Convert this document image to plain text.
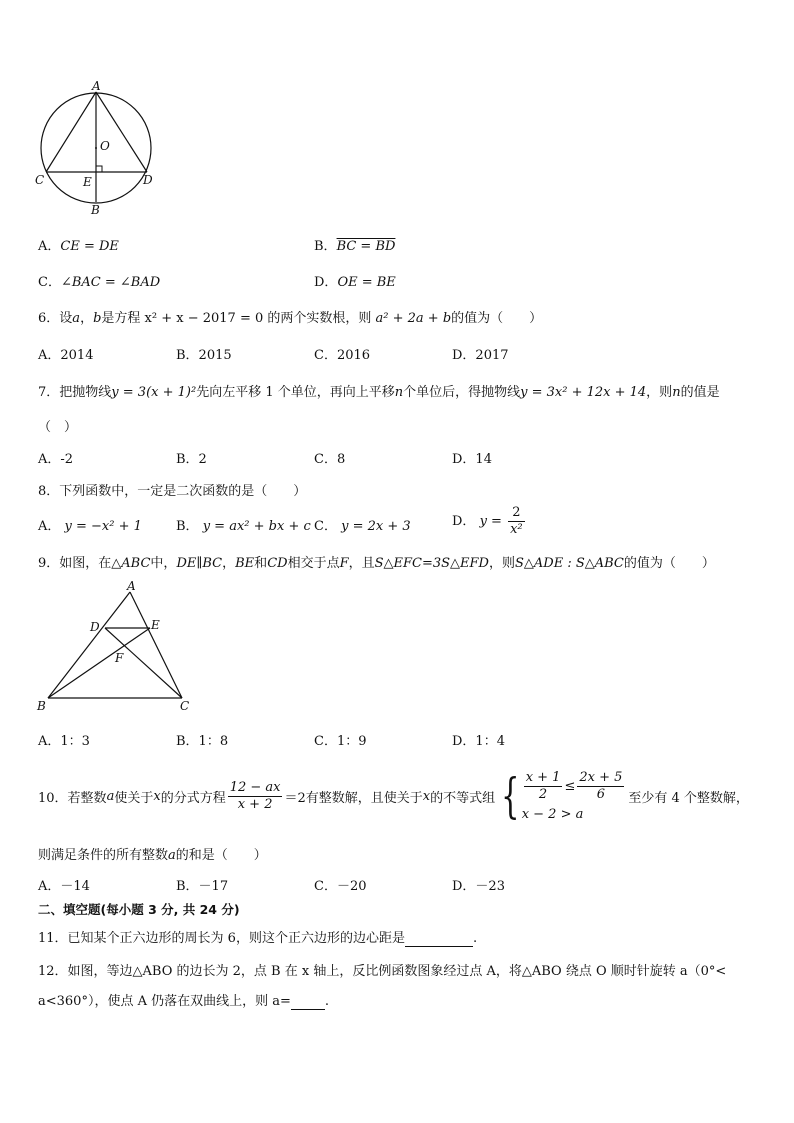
A
O
C	E	D
B
A．CE = DE	B．BC = BD
C．∠BAC = ∠BAD	D．OE = BE
6．设a，b是方程 x² + x − 2017 = 0 的两个实数根，则 a² + 2a + b的值为（　　）
A．2014	B．2015	C．2016	D．2017
7．把抛物线y = 3(x + 1)²先向左平移 1 个单位，再向上平移n个单位后，得抛物线y = 3x² + 12x + 14，则n的值是
（　）
A．-2	B．2	C．8	D．14
8．下列函数中，一定是二次函数的是（　　）
A． y = −x² + 1	B． y = ax² + bx + c C． y = 2x + 3	D． $y = \frac{2}{\text{x²}}$
9．如图，在△ABC中，DE∥BC，BE和CD相交于点F，且S△EFC=3S△EFD，则S△ADE : S△ABC的值为（　　）
A
D	E
F
B	C
A．1：3	B．1：8	C．1：9	D．1：4
10． 若整数 a 使关于 x 的分式方程 $\frac{12 - ax}{x + 2} =2$ 有整数解，且使关于 x 的不等式组 { $\frac{x + 1}{2} \le \frac{2x + 5}{6}$
x − 2 > a
至少有 4 个整数解，
则满足条件的所有整数a的和是（　　）
A．－14	B．－17	C．－20	D．－23
二、填空题(每小题 3 分, 共 24 分)
11．已知某个正六边形的周长为 6，则这个正六边形的边心距是	.
12．如图，等边△ABO 的边长为 2，点 B 在 x 轴上，反比例函数图象经过点 A，将△ABO 绕点 O 顺时针旋转 a（0°<
a<360°），使点 A 仍落在双曲线上，则 a=	.
